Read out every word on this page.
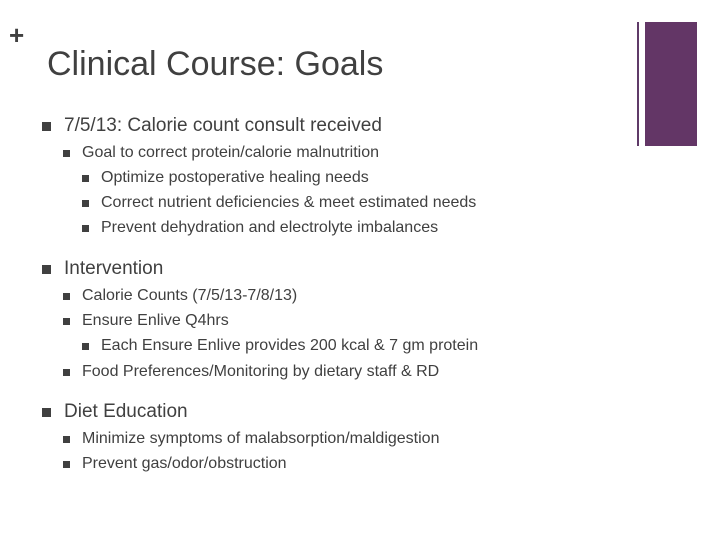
+
Clinical Course: Goals
7/5/13: Calorie count consult received
Goal to correct protein/calorie malnutrition
Optimize postoperative healing needs
Correct nutrient deficiencies & meet estimated needs
Prevent dehydration and electrolyte imbalances
Intervention
Calorie Counts (7/5/13-7/8/13)
Ensure Enlive Q4hrs
Each Ensure Enlive provides 200 kcal & 7 gm protein
Food Preferences/Monitoring by dietary staff & RD
Diet Education
Minimize symptoms of malabsorption/maldigestion
Prevent gas/odor/obstruction
